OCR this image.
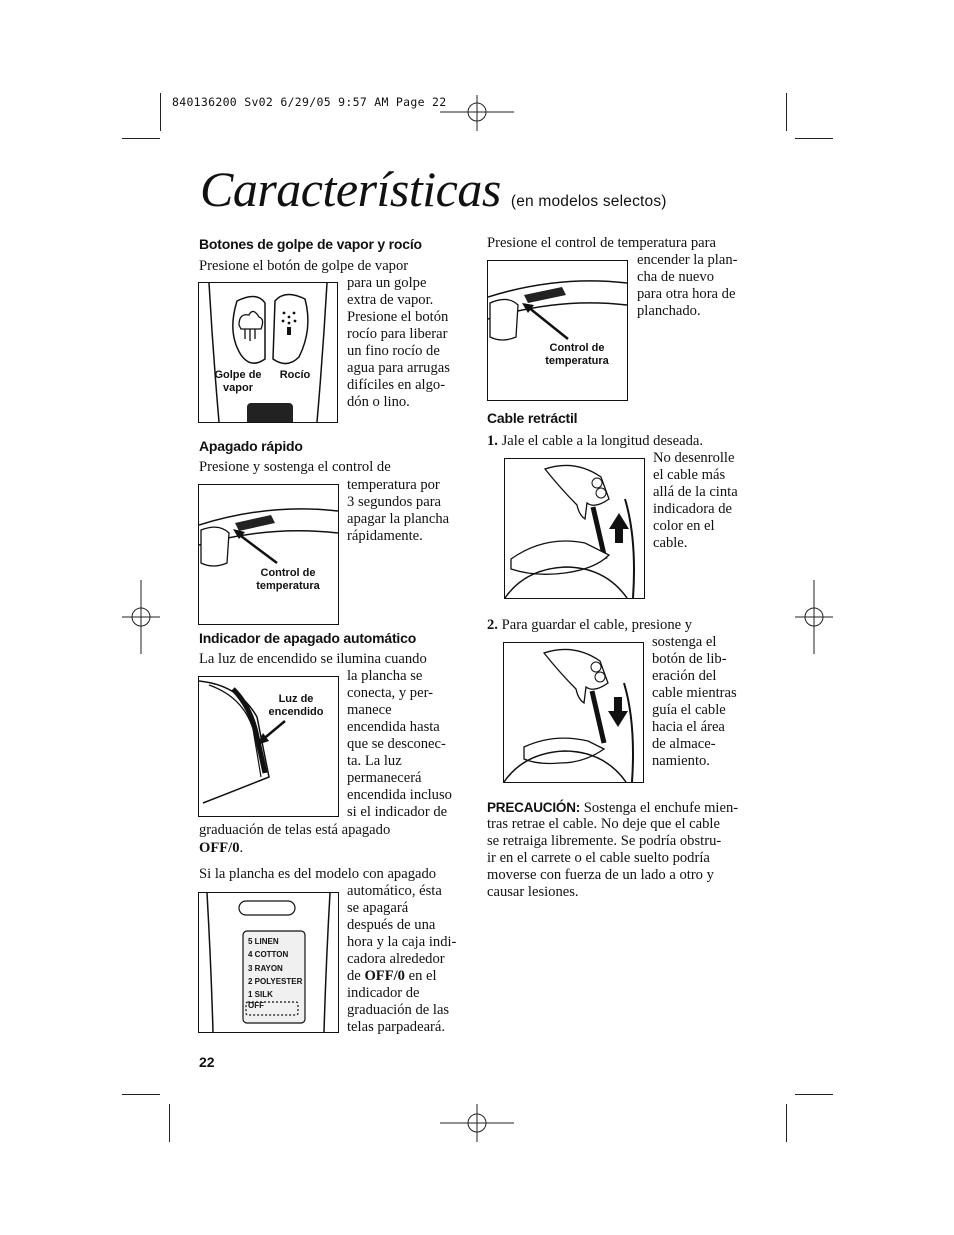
840136200 Sv02 6/29/05 9:57 AM Page 22
Características (en modelos selectos)
Botones de golpe de vapor y rocío
Presione el botón de golpe de vapor
para un golpe
extra de vapor.
Presione el botón
rocío para liberar
un fino rocío de
agua para arrugas
difíciles en algo-
dón o lino.
Golpe de
vapor
Rocío
Apagado rápido
Presione y sostenga el control de
temperatura por
3 segundos para
apagar la plancha
rápidamente.
Control de
temperatura
Indicador de apagado automático
La luz de encendido se ilumina cuando
la plancha se
conecta, y per-
manece
encendida hasta
que se desconec-
ta. La luz
permanecerá
encendida incluso
si el indicador de
graduación de telas está apagado
OFF/0.
Luz de
encendido
Si la plancha es del modelo con apagado
automático, ésta
se apagará
después de una
hora y la caja indi-
cadora alrededor
de OFF/0 en el
indicador de
graduación de las
telas parpadeará.
5 LINEN
4 COTTON
3 RAYON
2 POLYESTER
1 SILK
OFF
22
Presione el control de temperatura para
encender la plan-
cha de nuevo
para otra hora de
planchado.
Control de
temperatura
Cable retráctil
1. Jale el cable a la longitud deseada.
No desenrolle
el cable más
allá de la cinta
indicadora de
color en el
cable.
2. Para guardar el cable, presione y
sostenga el
botón de lib-
eración del
cable mientras
guía el cable
hacia el área
de almace-
namiento.
PRECAUCIÓN: Sostenga el enchufe mien-
tras retrae el cable. No deje que el cable
se retraiga libremente. Se podría obstru-
ir en el carrete o el cable suelto podría
moverse con fuerza de un lado a otro y
causar lesiones.
